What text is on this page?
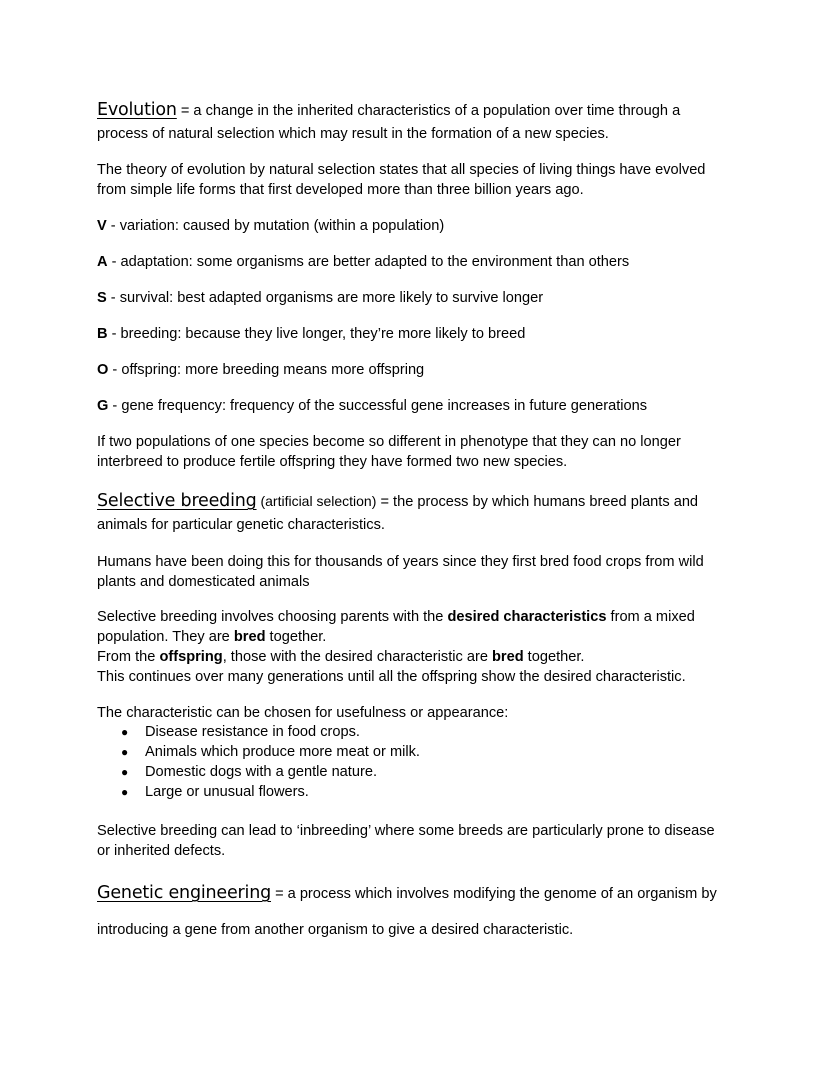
Evolution = a change in the inherited characteristics of a population over time through a
process of natural selection which may result in the formation of a new species.
The theory of evolution by natural selection states that all species of living things have evolved
from simple life forms that first developed more than three billion years ago.
V - variation: caused by mutation (within a population)
A - adaptation: some organisms are better adapted to the environment than others
S - survival: best adapted organisms are more likely to survive longer
B - breeding: because they live longer, they’re more likely to breed
O - offspring: more breeding means more offspring
G - gene frequency: frequency of the successful gene increases in future generations
If two populations of one species become so different in phenotype that they can no longer
interbreed to produce fertile offspring they have formed two new species.
Selective breeding (artificial selection) = the process by which humans breed plants and
animals for particular genetic characteristics.
Humans have been doing this for thousands of years since they first bred food crops from wild
plants and domesticated animals
Selective breeding involves choosing parents with the desired characteristics from a mixed
population. They are bred together.
From the offspring, those with the desired characteristic are bred together.
This continues over many generations until all the offspring show the desired characteristic.
The characteristic can be chosen for usefulness or appearance:
● Disease resistance in food crops.
● Animals which produce more meat or milk.
● Domestic dogs with a gentle nature.
● Large or unusual flowers.
Selective breeding can lead to ‘inbreeding’ where some breeds are particularly prone to disease
or inherited defects.
Genetic engineering = a process which involves modifying the genome of an organism by
introducing a gene from another organism to give a desired characteristic.
